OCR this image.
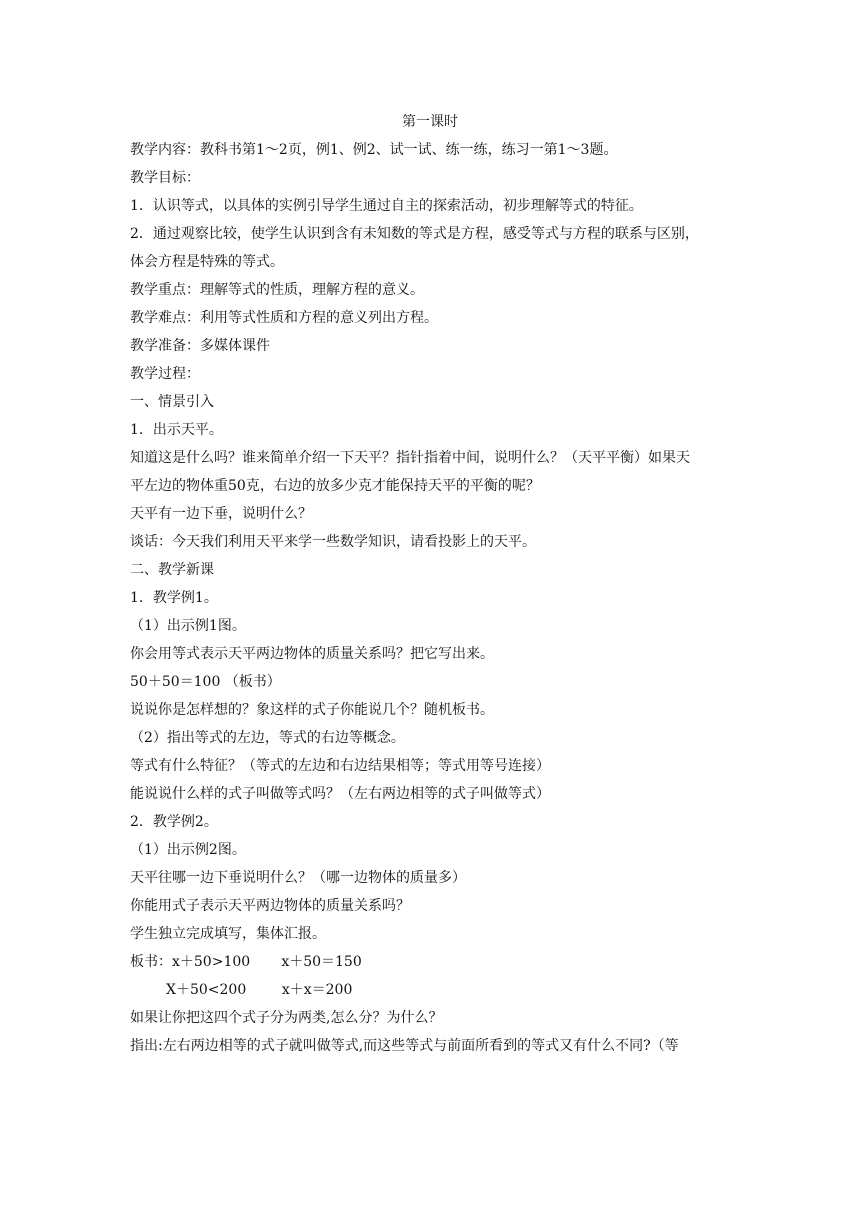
第一课时
教学内容：教科书第1～2页，例1、例2、试一试、练一练，练习一第1～3题。
教学目标：
1．认识等式，以具体的实例引导学生通过自主的探索活动，初步理解等式的特征。
2．通过观察比较，使学生认识到含有未知数的等式是方程，感受等式与方程的联系与区别，
体会方程是特殊的等式。
教学重点：理解等式的性质，理解方程的意义。
教学难点：利用等式性质和方程的意义列出方程。
教学准备：多媒体课件
教学过程：
一、情景引入
1．出示天平。
知道这是什么吗？谁来简单介绍一下天平？指针指着中间，说明什么？（天平平衡）如果天
平左边的物体重50克，右边的放多少克才能保持天平的平衡的呢？
天平有一边下垂，说明什么？
谈话：今天我们利用天平来学一些数学知识，请看投影上的天平。
二、教学新课
1．教学例1。
（1）出示例1图。
你会用等式表示天平两边物体的质量关系吗？把它写出来。
50＋50＝100 （板书）
说说你是怎样想的？象这样的式子你能说几个？随机板书。
（2）指出等式的左边，等式的右边等概念。
等式有什么特征？（等式的左边和右边结果相等；等式用等号连接）
能说说什么样的式子叫做等式吗？（左右两边相等的式子叫做等式）
2．教学例2。
（1）出示例2图。
天平往哪一边下垂说明什么？（哪一边物体的质量多）
你能用式子表示天平两边物体的质量关系吗？
学生独立完成填写，集体汇报。
板书：x＋50>100       x＋50＝150
X＋50<200        x＋x＝200
如果让你把这四个式子分为两类,怎么分？为什么？
指出:左右两边相等的式子就叫做等式,而这些等式与前面所看到的等式又有什么不同?（等
